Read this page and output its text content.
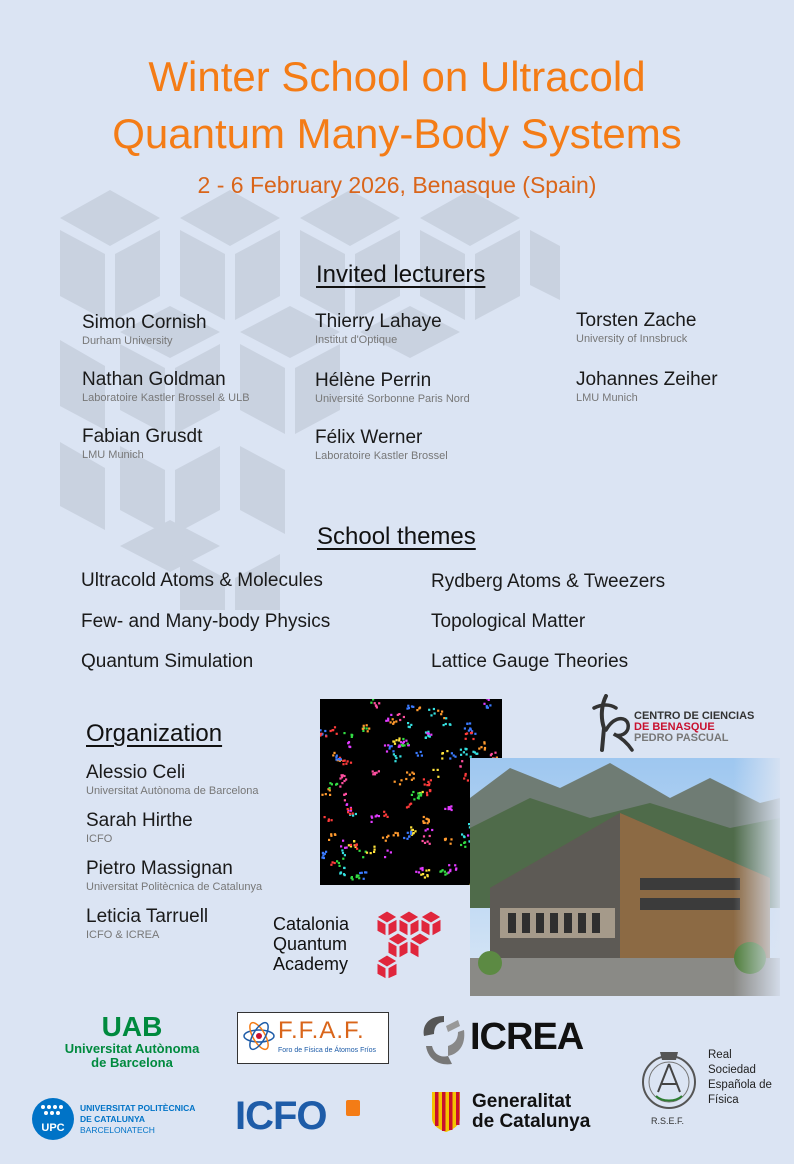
Winter School on Ultracold
Quantum Many-Body Systems
2 - 6 February 2026, Benasque (Spain)
Invited lecturers
Simon Cornish
Durham University
Nathan Goldman
Laboratoire Kastler Brossel & ULB
Fabian Grusdt
LMU Munich
Thierry Lahaye
Institut d'Optique
Hélène Perrin
Université Sorbonne Paris Nord
Félix Werner
Laboratoire Kastler Brossel
Torsten Zache
University of Innsbruck
Johannes Zeiher
LMU Munich
School themes
Ultracold Atoms & Molecules
Few- and Many-body Physics
Quantum Simulation
Rydberg Atoms & Tweezers
Topological Matter
Lattice Gauge Theories
Organization
Alessio Celi
Universitat Autònoma de Barcelona
Sarah Hirthe
ICFO
Pietro Massignan
Universitat Politècnica de Catalunya
Leticia Tarruell
ICFO & ICREA
CENTRO DE CIENCIAS
DE BENASQUE
PEDRO PASCUAL
Catalonia
Quantum
Academy
UAB
Universitat Autònoma
de Barcelona
F.F.A.F.
Foro de Física de Átomos Fríos ICREA
R.S.E.F.
Real
Sociedad
Española de
Física
UPC
UNIVERSITAT POLITÈCNICA
DE CATALUNYA
BARCELONATECH	ICFO	Generalitat
de Catalunya
